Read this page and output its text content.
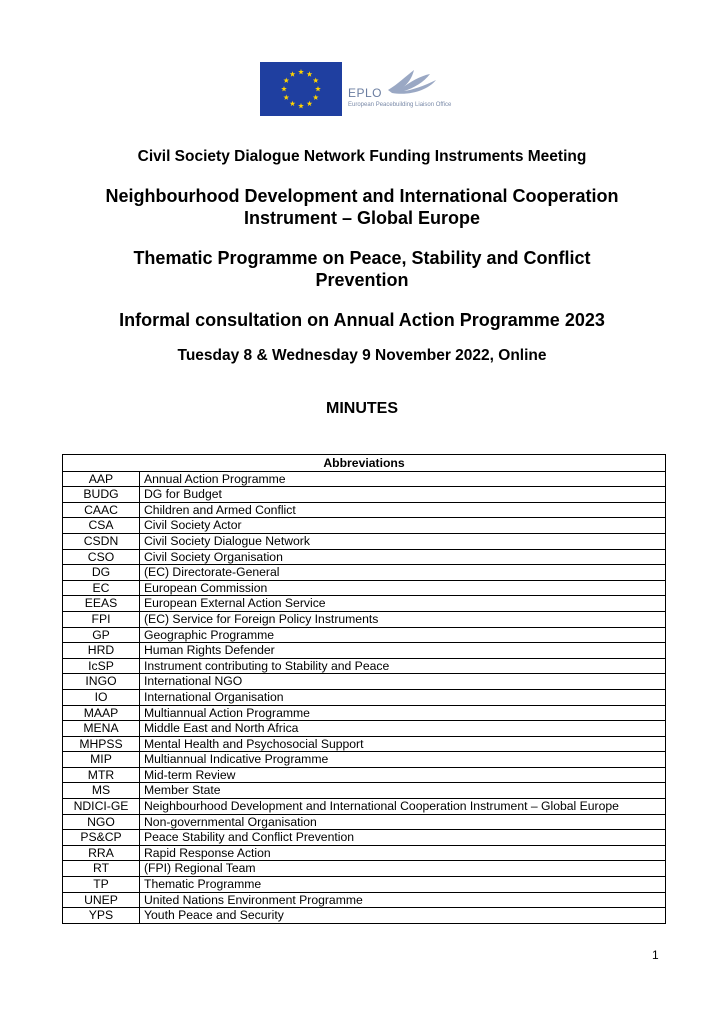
EPLO
European Peacebuilding Liaison Office

Civil Society Dialogue Network Funding Instruments Meeting

Neighbourhood Development and International Cooperation Instrument – Global Europe

Thematic Programme on Peace, Stability and Conflict Prevention

Informal consultation on Annual Action Programme 2023

Tuesday 8 & Wednesday 9 November 2022, Online

MINUTES

Abbreviations	
AAP	Annual Action Programme
BUDG	DG for Budget
CAAC	Children and Armed Conflict
CSA	Civil Society Actor
CSDN	Civil Society Dialogue Network
CSO	Civil Society Organisation
DG	(EC) Directorate-General
EC	European Commission
EEAS	European External Action Service
FPI	(EC) Service for Foreign Policy Instruments
GP	Geographic Programme
HRD	Human Rights Defender
IcSP	Instrument contributing to Stability and Peace
INGO	International NGO
IO	International Organisation
MAAP	Multiannual Action Programme
MENA	Middle East and North Africa
MHPSS	Mental Health and Psychosocial Support
MIP	Multiannual Indicative Programme
MTR	Mid-term Review
MS	Member State
NDICI-GE	Neighbourhood Development and International Cooperation Instrument – Global Europe
NGO	Non-governmental Organisation
PS&CP	Peace Stability and Conflict Prevention
RRA	Rapid Response Action
RT	(FPI) Regional Team
TP	Thematic Programme
UNEP	United Nations Environment Programme
YPS	Youth Peace and Security
1
